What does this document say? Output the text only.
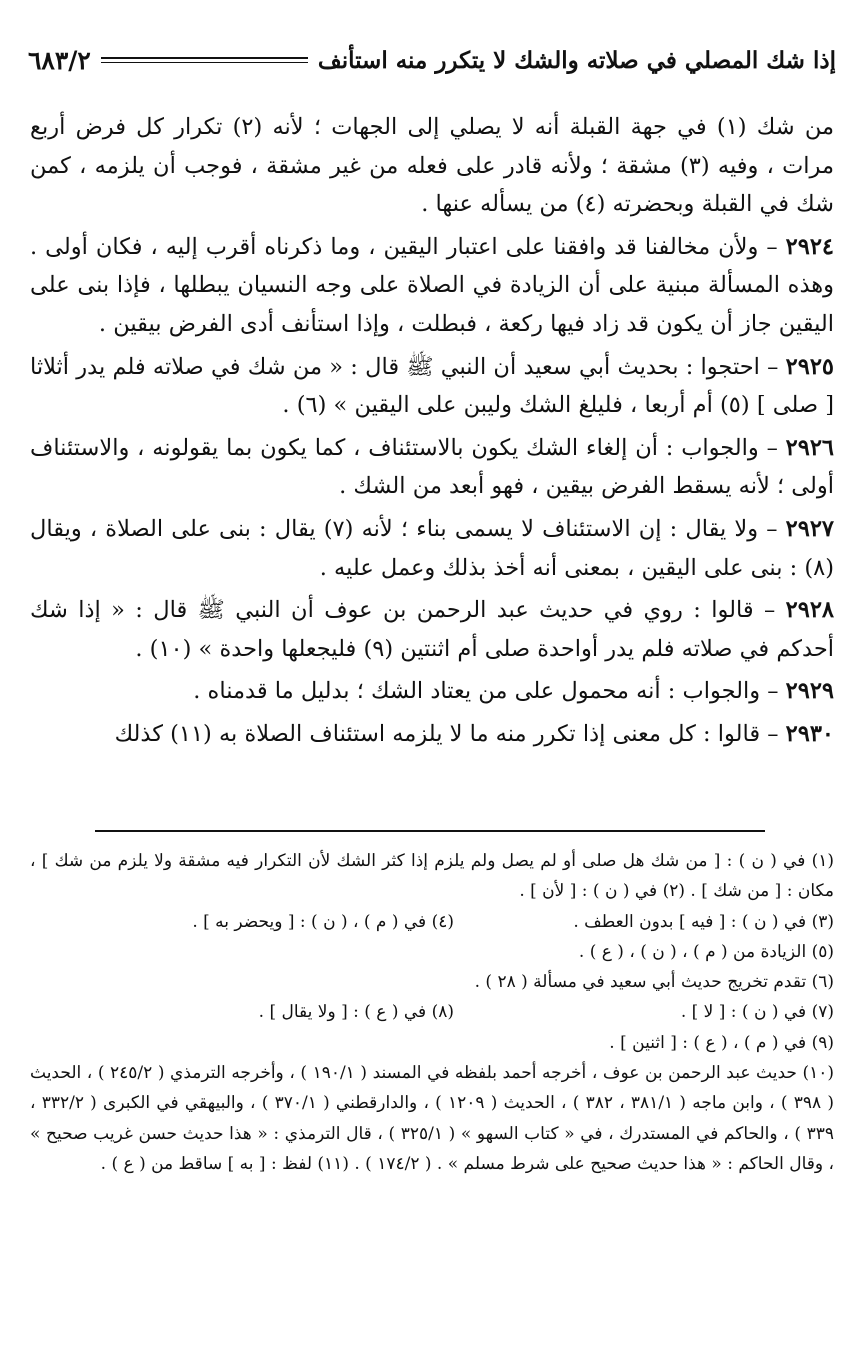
إذا شك المصلي في صلاته والشك لا يتكرر منه استأنف
٦٨٣/٢

من شك (١) في جهة القبلة أنه لا يصلي إلى الجهات ؛ لأنه (٢) تكرار كل فرض أربع مرات ، وفيه (٣) مشقة ؛ ولأنه قادر على فعله من غير مشقة ، فوجب أن يلزمه ، كمن شك في القبلة وبحضرته (٤) من يسأله عنها .

٢٩٢٤ – ولأن مخالفنا قد وافقنا على اعتبار اليقين ، وما ذكرناه أقرب إليه ، فكان أولى . وهذه المسألة مبنية على أن الزيادة في الصلاة على وجه النسيان يبطلها ، فإذا بنى على اليقين جاز أن يكون قد زاد فيها ركعة ، فبطلت ، وإذا استأنف أدى الفرض بيقين .

٢٩٢٥ – احتجوا : بحديث أبي سعيد أن النبي ﷺ قال : « من شك في صلاته فلم يدر أثلاثا [ صلى ] (٥) أم أربعا ، فليلغ الشك وليبن على اليقين » (٦) .

٢٩٢٦ – والجواب : أن إلغاء الشك يكون بالاستئناف ، كما يكون بما يقولونه ، والاستئناف أولى ؛ لأنه يسقط الفرض بيقين ، فهو أبعد من الشك .

٢٩٢٧ – ولا يقال : إن الاستئناف لا يسمى بناء ؛ لأنه (٧) يقال : بنى على الصلاة ، ويقال (٨) : بنى على اليقين ، بمعنى أنه أخذ بذلك وعمل عليه .

٢٩٢٨ – قالوا : روي في حديث عبد الرحمن بن عوف أن النبي ﷺ قال : « إذا شك أحدكم في صلاته فلم يدر أواحدة صلى أم اثنتين (٩) فليجعلها واحدة » (١٠) .

٢٩٢٩ – والجواب : أنه محمول على من يعتاد الشك ؛ بدليل ما قدمناه .

٢٩٣٠ – قالوا : كل معنى إذا تكرر منه ما لا يلزمه استئناف الصلاة به (١١) كذلك

(١) في ( ن ) : [ من شك هل صلى أو لم يصل ولم يلزم إذا كثر الشك لأن التكرار فيه مشقة ولا يلزم من شك ] ، مكان : [ من شك ] . (٢) في ( ن ) : [ لأن ] .
(٣) في ( ن ) : [ فيه ] بدون العطف .
(٤) في ( م ) ، ( ن ) : [ ويحضر به ] .
(٥) الزيادة من ( م ) ، ( ن ) ، ( ع ) .
(٦) تقدم تخريج حديث أبي سعيد في مسألة ( ٢٨ ) .
(٧) في ( ن ) : [ لا ] .
(٨) في ( ع ) : [ ولا يقال ] .
(٩) في ( م ) ، ( ع ) : [ اثنين ] .
(١٠) حديث عبد الرحمن بن عوف ، أخرجه أحمد بلفظه في المسند ( ١٩٠/١ ) ، وأخرجه الترمذي ( ٢٤٥/٢ ) ، الحديث ( ٣٩٨ ) ، وابن ماجه ( ٣٨١/١ ، ٣٨٢ ) ، الحديث ( ١٢٠٩ ) ، والدارقطني ( ٣٧٠/١ ) ، والبيهقي في الكبرى ( ٣٣٢/٢ ، ٣٣٩ ) ، والحاكم في المستدرك ، في « كتاب السهو » ( ٣٢٥/١ ) ، قال الترمذي : « هذا حديث حسن غريب صحيح » ، وقال الحاكم : « هذا حديث صحيح على شرط مسلم » . ( ١٧٤/٢ ) . (١١) لفظ : [ به ] ساقط من ( ع ) .
